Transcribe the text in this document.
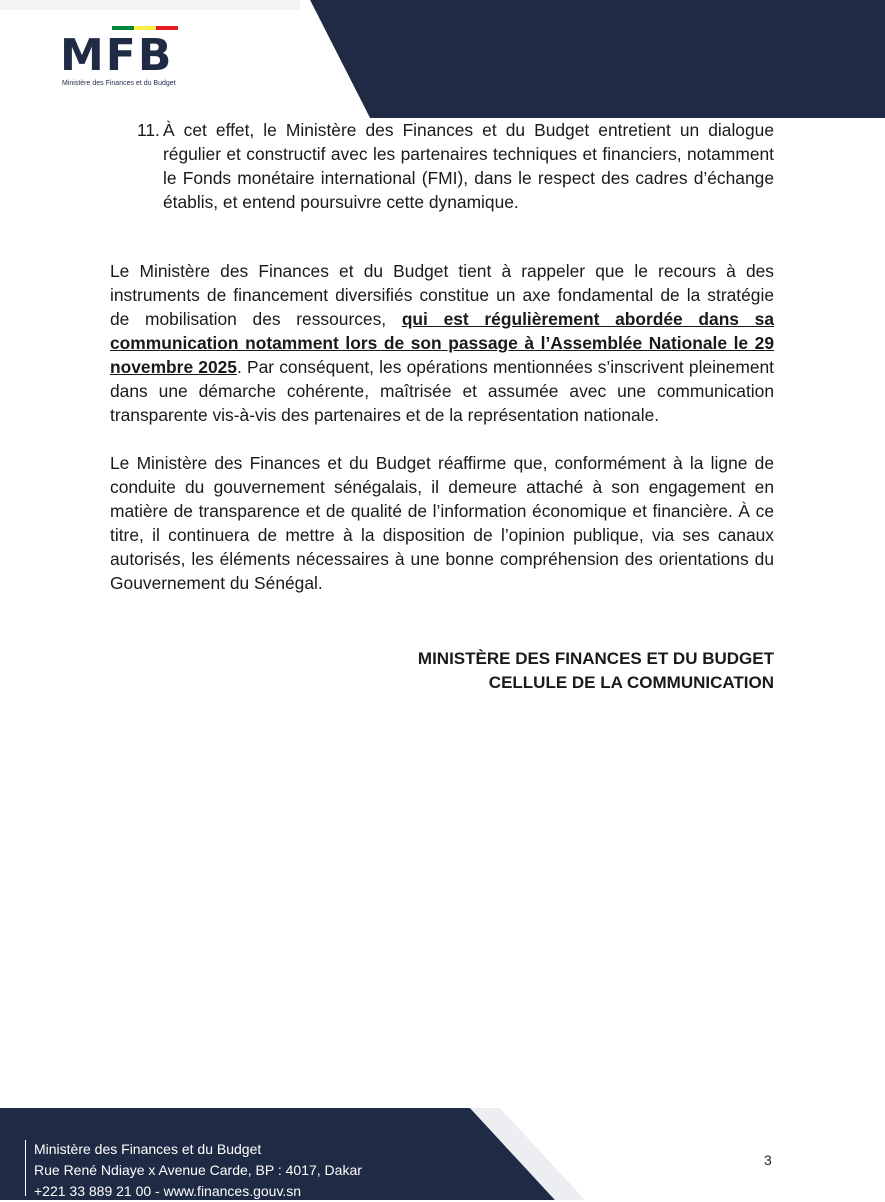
MFB
Ministère des Finances et du Budget
11. À cet effet, le Ministère des Finances et du Budget entretient un dialogue régulier et constructif avec les partenaires techniques et financiers, notamment le Fonds monétaire international (FMI), dans le respect des cadres d’échange établis, et entend poursuivre cette dynamique.

Le Ministère des Finances et du Budget tient à rappeler que le recours à des instruments de financement diversifiés constitue un axe fondamental de la stratégie de mobilisation des ressources, qui est régulièrement abordée dans sa communication notamment lors de son passage à l’Assemblée Nationale le 29 novembre 2025. Par conséquent, les opérations mentionnées s’inscrivent pleinement dans une démarche cohérente, maîtrisée et assumée avec une communication transparente vis-à-vis des partenaires et de la représentation nationale.

Le Ministère des Finances et du Budget réaffirme que, conformément à la ligne de conduite du gouvernement sénégalais, il demeure attaché à son engagement en matière de transparence et de qualité de l’information économique et financière. À ce titre, il continuera de mettre à la disposition de l’opinion publique, via ses canaux autorisés, les éléments nécessaires à une bonne compréhension des orientations du Gouvernement du Sénégal.

MINISTÈRE DES FINANCES ET DU BUDGET
CELLULE DE LA COMMUNICATION
Ministère des Finances et du Budget
Rue René Ndiaye x Avenue Carde, BP : 4017, Dakar
+221 33 889 21 00 - www.finances.gouv.sn
3
